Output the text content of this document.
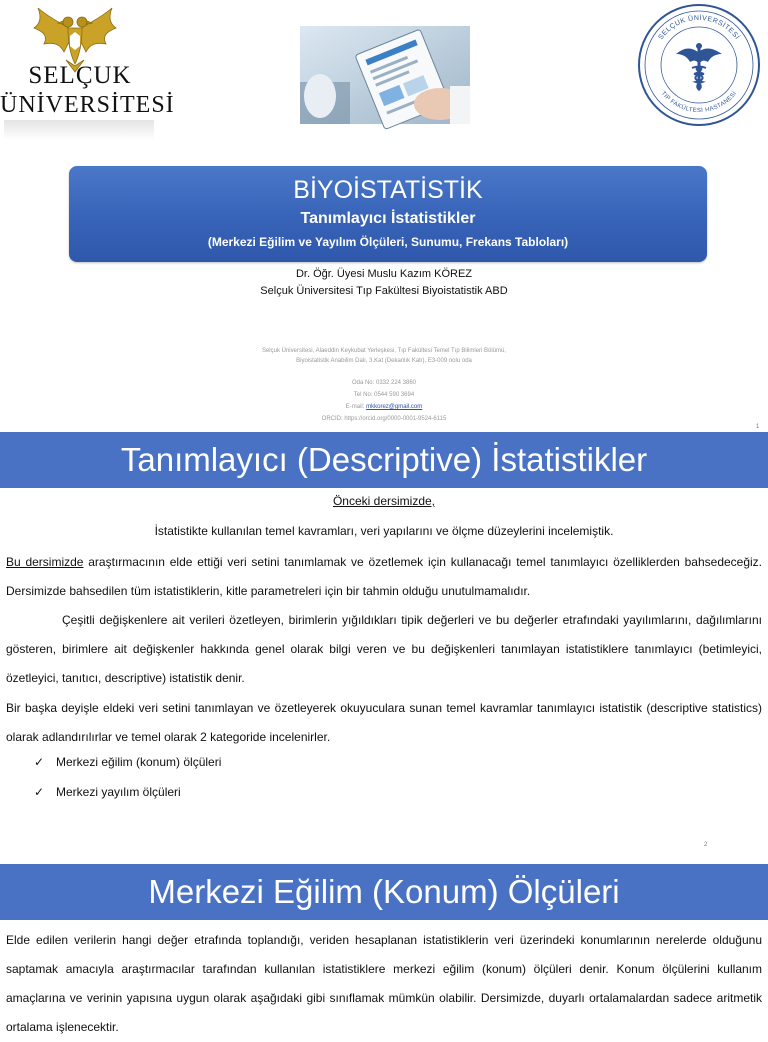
SELÇUK
ÜNİVERSİTESİ
SELÇUK ÜNİVERSİTESİ
TIP FAKÜLTESİ HASTANESİ
BİYOİSTATİSTİK
Tanımlayıcı İstatistikler
(Merkezi Eğilim ve Yayılım Ölçüleri, Sunumu, Frekans Tabloları)
Dr. Öğr. Üyesi Muslu Kazım KÖREZ
Selçuk Üniversitesi Tıp Fakültesi Biyoistatistik ABD
Selçuk Üniversitesi, Alaeddin Keykubat Yerleşkesi, Tıp Fakültesi Temel Tıp Bilimleri Bölümü,
Biyoistatistik Anabilim Dalı, 3.Kat (Dekanlık Katı), E3-009 nolu oda
Oda No: 0332 224 3860
Tel No: 0544 590 3694
E-mail: mkkorez@gmail.com
ORCID: https://orcid.org/0000-0001-9524-6115
1
Tanımlayıcı (Descriptive) İstatistikler
Önceki dersimizde,
İstatistikte kullanılan temel kavramları, veri yapılarını ve ölçme düzeylerini incelemiştik.
Bu dersimizde araştırmacının elde ettiği veri setini tanımlamak ve özetlemek için kullanacağı temel tanımlayıcı özelliklerden bahsedeceğiz. Dersimizde bahsedilen tüm istatistiklerin, kitle parametreleri için bir tahmin olduğu unutulmamalıdır.
Çeşitli değişkenlere ait verileri özetleyen, birimlerin yığıldıkları tipik değerleri ve bu değerler etrafındaki yayılımlarını, dağılımlarını gösteren, birimlere ait değişkenler hakkında genel olarak bilgi veren ve bu değişkenleri tanımlayan istatistiklere tanımlayıcı (betimleyici, özetleyici, tanıtıcı, descriptive) istatistik denir.
Bir başka deyişle eldeki veri setini tanımlayan ve özetleyerek okuyuculara sunan temel kavramlar tanımlayıcı istatistik (descriptive statistics) olarak adlandırılırlar ve temel olarak 2 kategoride incelenirler.
✓ Merkezi eğilim (konum) ölçüleri
✓ Merkezi yayılım ölçüleri
2
Merkezi Eğilim (Konum) Ölçüleri
Elde edilen verilerin hangi değer etrafında toplandığı, veriden hesaplanan istatistiklerin veri üzerindeki konumlarının nerelerde olduğunu saptamak amacıyla araştırmacılar tarafından kullanılan istatistiklere merkezi eğilim (konum) ölçüleri denir. Konum ölçülerini kullanım amaçlarına ve verinin yapısına uygun olarak aşağıdaki gibi sınıflamak mümkün olabilir. Dersimizde, duyarlı ortalamalardan sadece aritmetik ortalama işlenecektir.
